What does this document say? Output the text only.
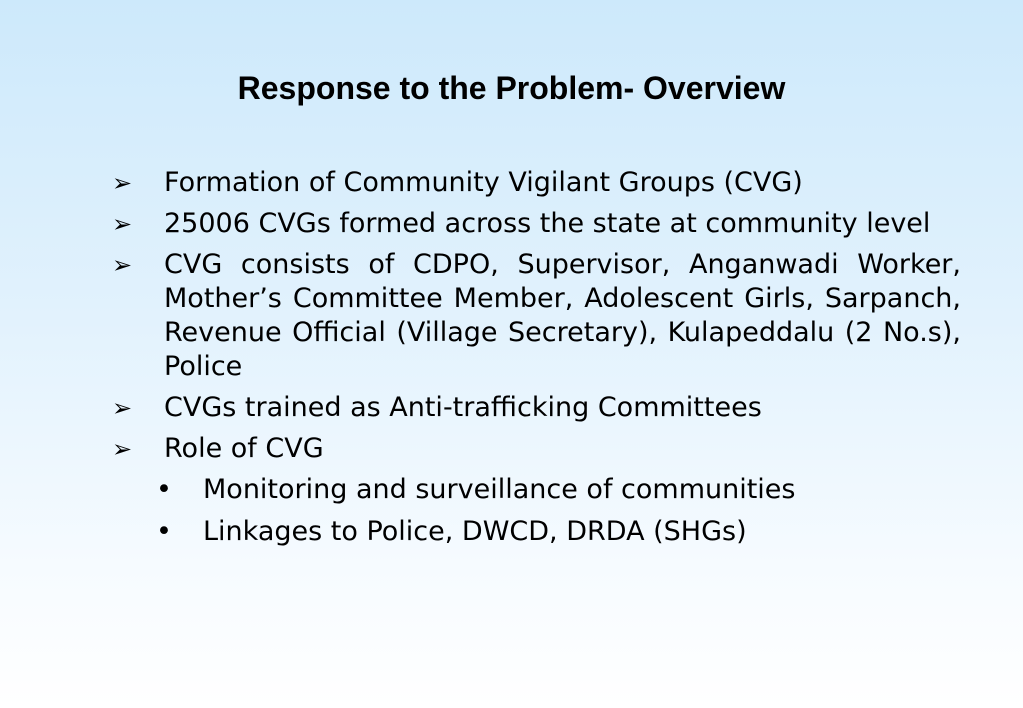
Response to the Problem- Overview
➢ Formation of Community Vigilant Groups (CVG)
➢ 25006 CVGs formed across the state at community level
➢ CVG consists of CDPO, Supervisor, Anganwadi Worker, Mother’s Committee Member, Adolescent Girls, Sarpanch, Revenue Official (Village Secretary), Kulapeddalu (2 No.s), Police
➢ CVGs trained as Anti-trafficking Committees
➢ Role of CVG
• Monitoring and surveillance of communities
• Linkages to Police, DWCD, DRDA (SHGs)
